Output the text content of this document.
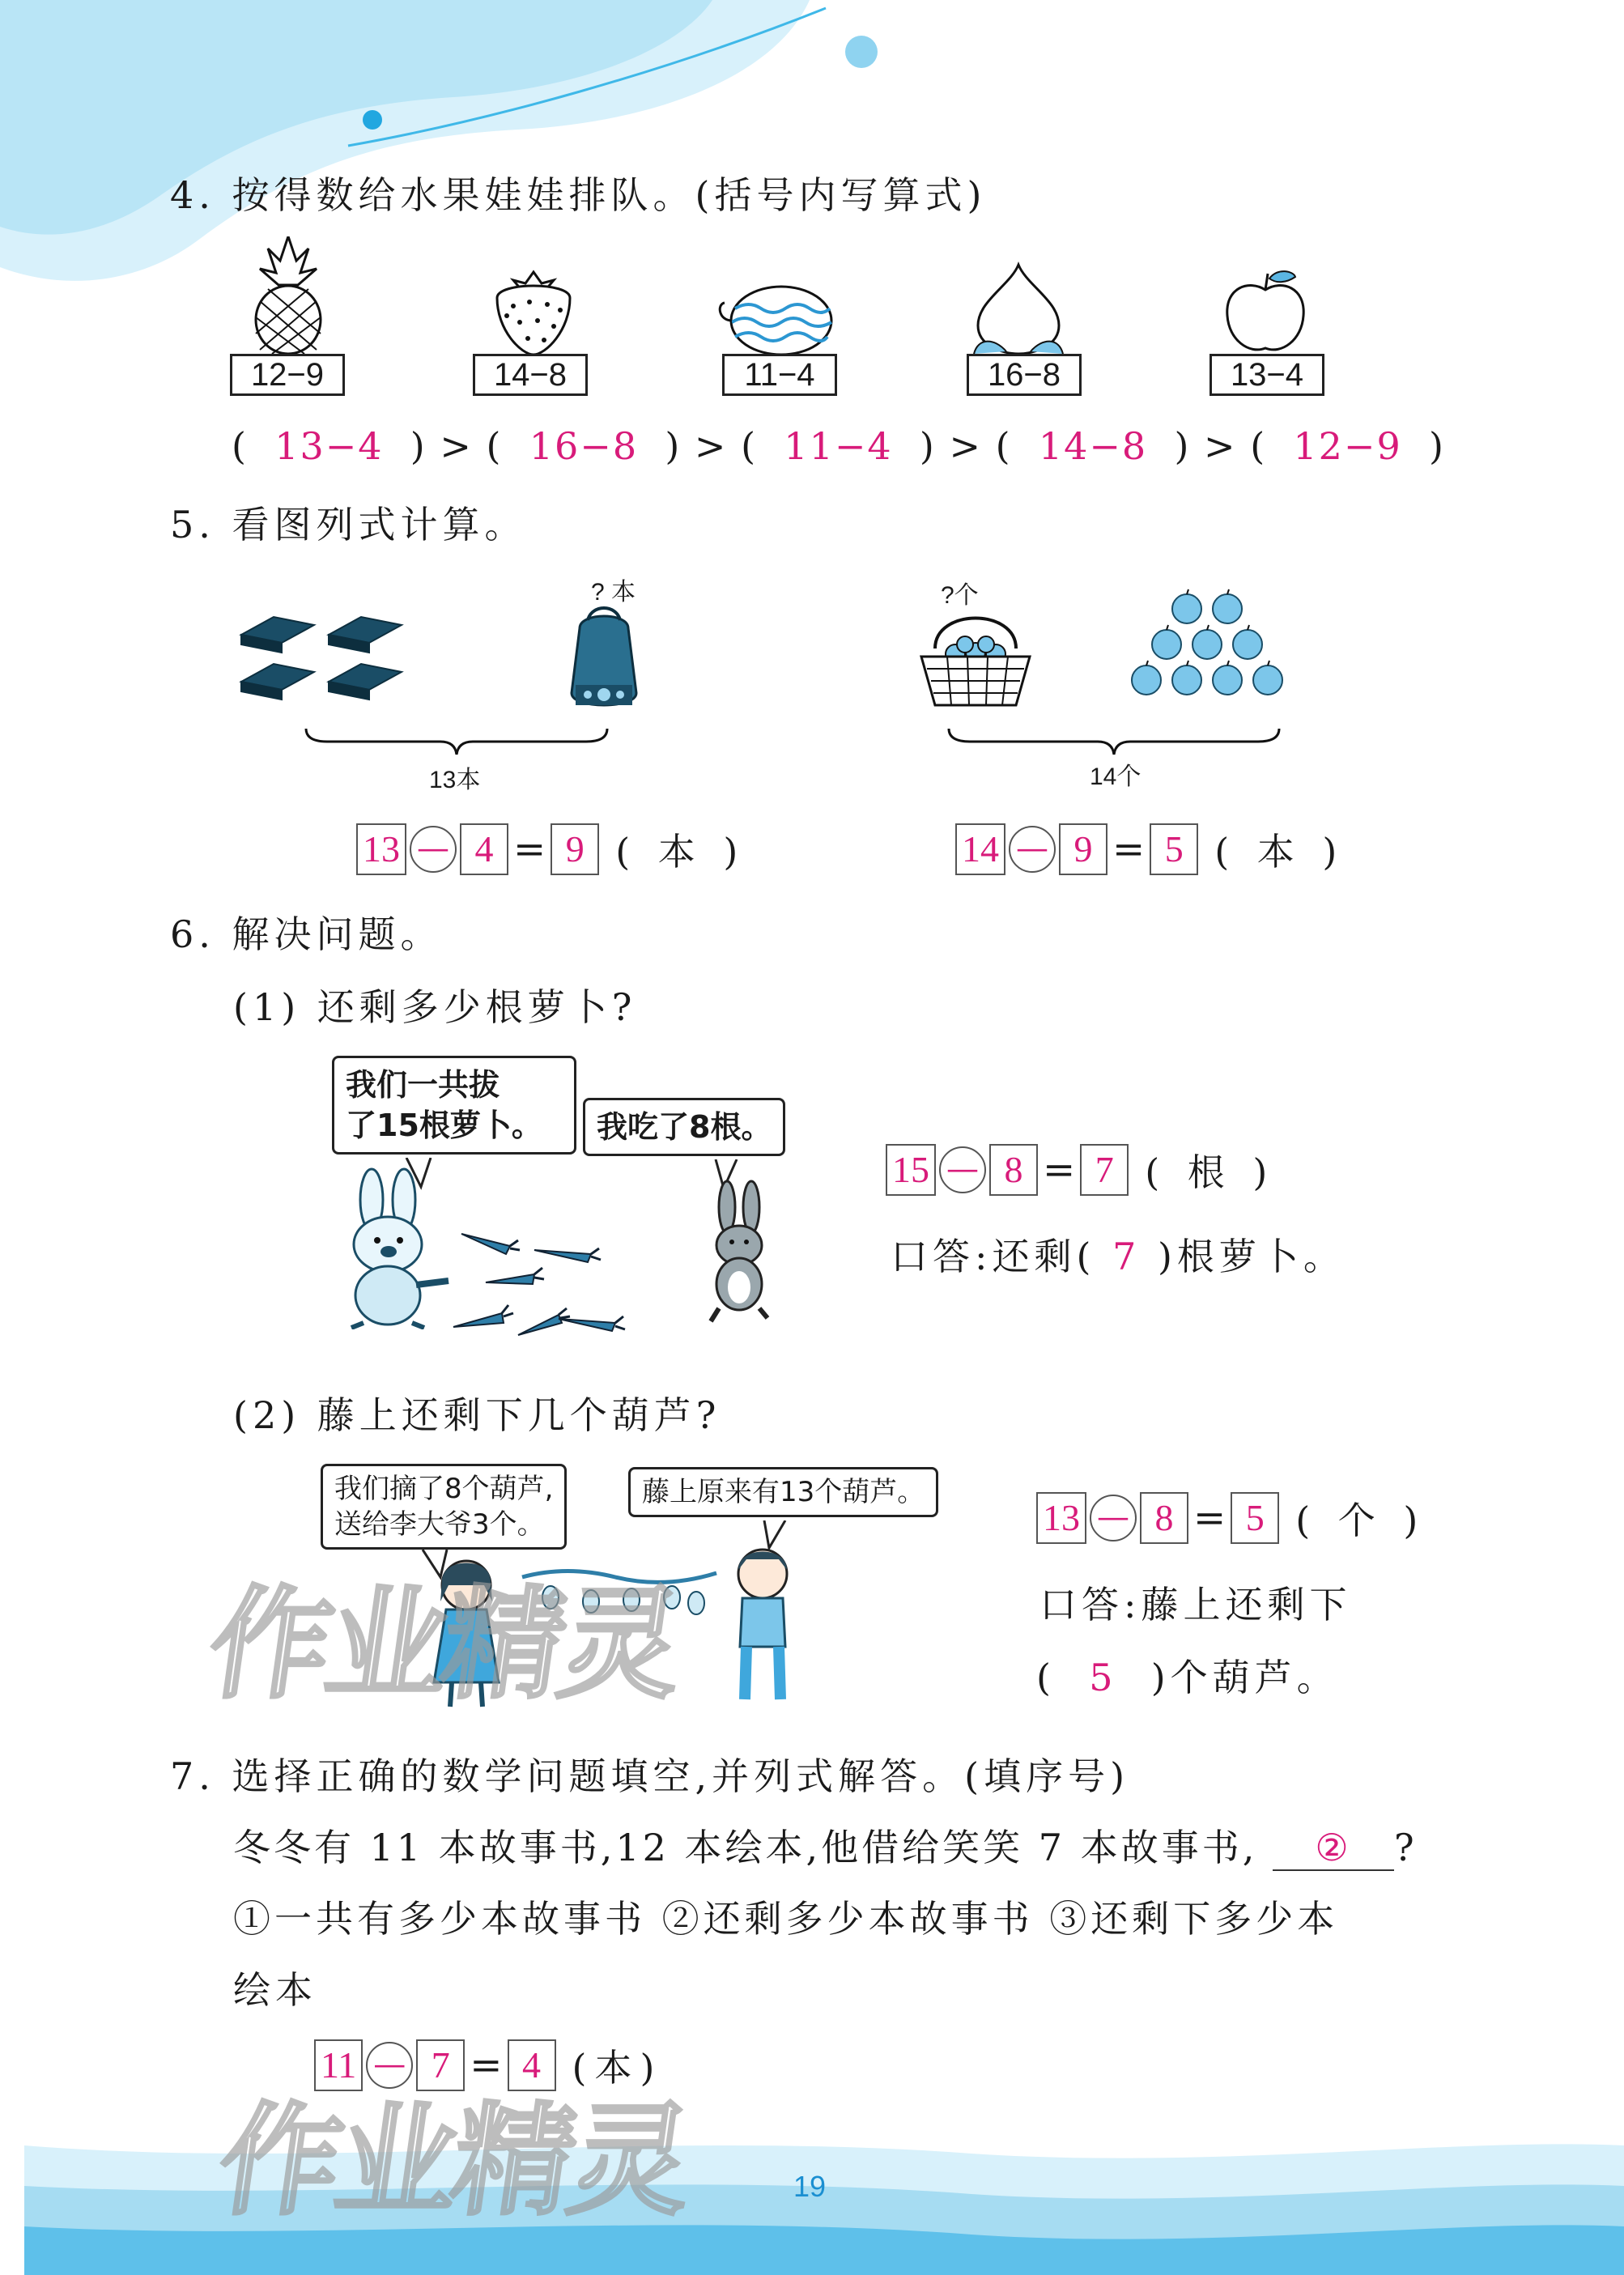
4. 按得数给水果娃娃排队。(括号内写算式)
12−9	14−8	11−4	16−8	13−4
( 13−4 ) > ( 16−8 ) > ( 11−4 ) > ( 14−8 ) > ( 12−9 )
5. 看图列式计算。
? 本
13本
?个
14个
13 — 4 = 9 ( 本 )	14 — 9 = 5 ( 本 )
6. 解决问题。
(1) 还剩多少根萝卜?
我们一共拔
了15根萝卜。	我吃了8根。
15 — 8 = 7 ( 根 )
口答:还剩( 7 )根萝卜。
(2) 藤上还剩下几个葫芦?
我们摘了8个葫芦,
送给李大爷3个。
藤上原来有13个葫芦。
13 — 8 = 5 ( 个 )
口答:藤上还剩下
( 5 )个葫芦。
作业精灵
7. 选择正确的数学问题填空,并列式解答。(填序号)
冬冬有 11 本故事书,12 本绘本,他借给笑笑 7 本故事书, ② ?
①一共有多少本故事书 ②还剩多少本故事书 ③还剩下多少本
绘本
11 — 7 = 4 (本)
作业精灵	19
